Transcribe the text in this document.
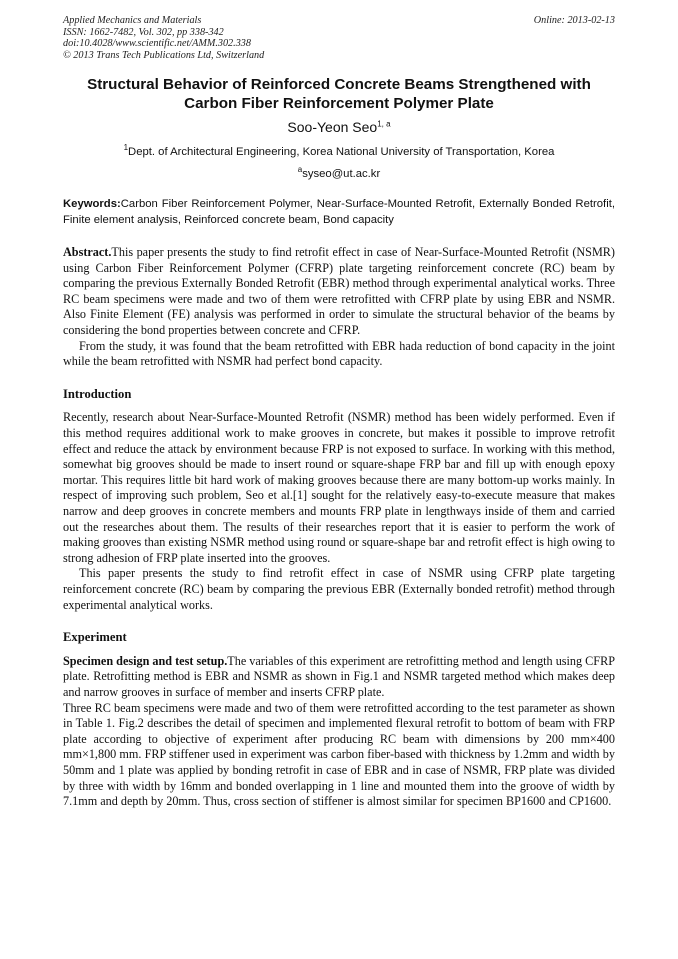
Applied Mechanics and Materials
ISSN: 1662-7482, Vol. 302, pp 338-342
doi:10.4028/www.scientific.net/AMM.302.338
© 2013 Trans Tech Publications Ltd, Switzerland
Online: 2013-02-13
Structural Behavior of Reinforced Concrete Beams Strengthened with Carbon Fiber Reinforcement Polymer Plate
Soo-Yeon Seo$^{1, a}$
$^1$Dept. of Architectural Engineering, Korea National University of Transportation, Korea
$^a$syseo@ut.ac.kr
Keywords:Carbon Fiber Reinforcement Polymer, Near-Surface-Mounted Retrofit, Externally Bonded Retrofit, Finite element analysis, Reinforced concrete beam, Bond capacity

Abstract.This paper presents the study to find retrofit effect in case of Near-Surface-Mounted Retrofit (NSMR) using Carbon Fiber Reinforcement Polymer (CFRP) plate targeting reinforcement concrete (RC) beam by comparing the previous Externally Bonded Retrofit (EBR) method through experimental analytical works. Three RC beam specimens were made and two of them were retrofitted with CFRP plate by using EBR and NSMR. Also Finite Element (FE) analysis was performed in order to simulate the structural behavior of the beams by considering the bond properties between concrete and CFRP.

From the study, it was found that the beam retrofitted with EBR hada reduction of bond capacity in the joint while the beam retrofitted with NSMR had perfect bond capacity.

Introduction

Recently, research about Near-Surface-Mounted Retrofit (NSMR) method has been widely performed. Even if this method requires additional work to make grooves in concrete, but makes it possible to improve retrofit effect and reduce the attack by environment because FRP is not exposed to surface. In working with this method, somewhat big grooves should be made to insert round or square-shape FRP bar and fill up with enough epoxy mortar. This requires little bit hard work of making grooves because there are many bottom-up works mainly. In respect of improving such problem, Seo et al.[1] sought for the relatively easy-to-execute measure that makes narrow and deep grooves in concrete members and mounts FRP plate in lengthways inside of them and carried out the researches about them. The results of their researches report that it is easier to perform the work of making grooves than existing NSMR method using round or square-shape bar and retrofit effect is high owing to strong adhesion of FRP plate inserted into the grooves.

This paper presents the study to find retrofit effect in case of NSMR using CFRP plate targeting reinforcement concrete (RC) beam by comparing the previous EBR (Externally bonded retrofit) method through experimental analytical works.

Experiment

Specimen design and test setup.The variables of this experiment are retrofitting method and length using CFRP plate. Retrofitting method is EBR and NSMR as shown in Fig.1 and NSMR targeted method which makes deep and narrow grooves in surface of member and inserts CFRP plate.

Three RC beam specimens were made and two of them were retrofitted according to the test parameter as shown in Table 1. Fig.2 describes the detail of specimen and implemented flexural retrofit to bottom of beam with FRP plate according to objective of experiment after producing RC beam with dimensions by 200 mm×400 mm×1,800 mm. FRP stiffener used in experiment was carbon fiber-based with thickness by 1.2mm and width by 50mm and 1 plate was applied by bonding retrofit in case of EBR and in case of NSMR, FRP plate was divided by three with width by 16mm and bonded overlapping in 1 line and mounted them into the groove of width by 7.1mm and depth by 20mm. Thus, cross section of stiffener is almost similar for specimen BP1600 and CP1600.
